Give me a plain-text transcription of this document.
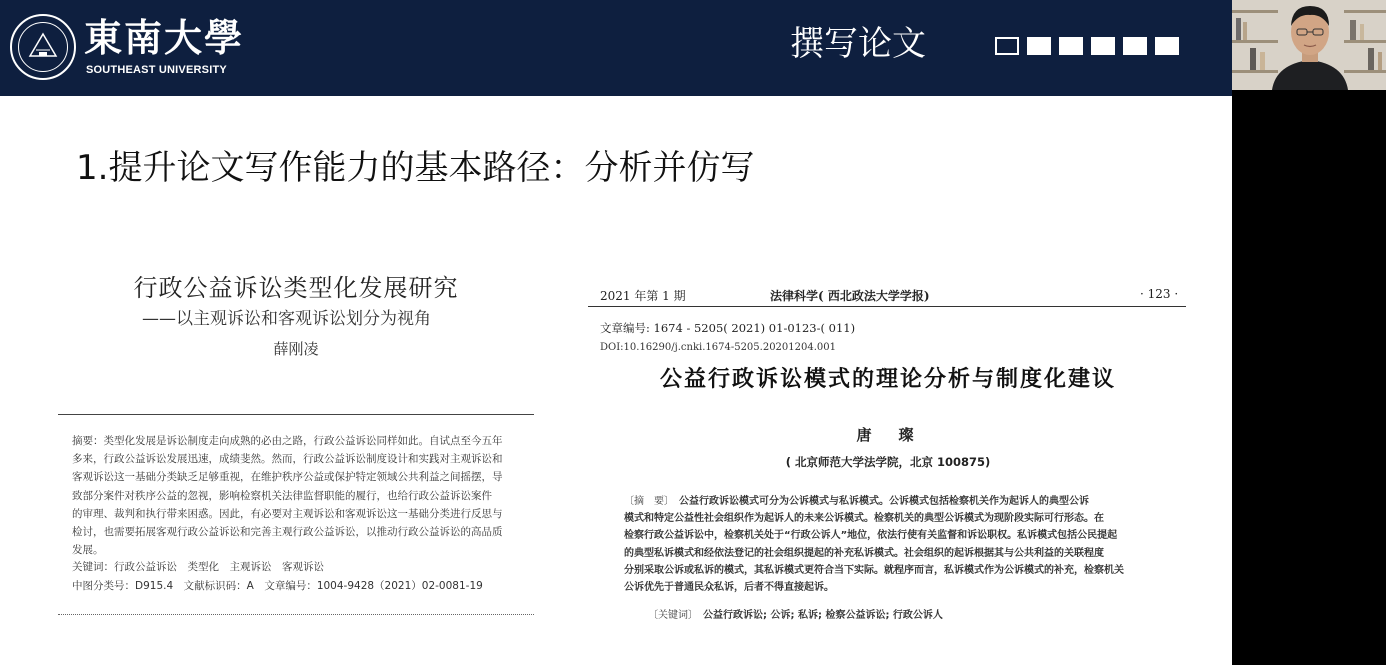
東南大學
SOUTHEAST UNIVERSITY
撰写论文
1.提升论文写作能力的基本路径：分析并仿写
行政公益诉讼类型化发展研究
——以主观诉讼和客观诉讼划分为视角
薛刚凌
摘要：类型化发展是诉讼制度走向成熟的必由之路，行政公益诉讼同样如此。自试点至今五年
多来，行政公益诉讼发展迅速，成绩斐然。然而，行政公益诉讼制度设计和实践对主观诉讼和
客观诉讼这一基础分类缺乏足够重视，在维护秩序公益或保护特定领域公共利益之间摇摆，导
致部分案件对秩序公益的忽视，影响检察机关法律监督职能的履行，也给行政公益诉讼案件
的审理、裁判和执行带来困惑。因此，有必要对主观诉讼和客观诉讼这一基础分类进行反思与
检讨，也需要拓展客观行政公益诉讼和完善主观行政公益诉讼，以推动行政公益诉讼的高品质
发展。
关键词：行政公益诉讼　类型化　主观诉讼　客观诉讼
中图分类号：D915.4　文献标识码：A　文章编号：1004-9428（2021）02-0081-19
2021 年第 1 期	法律科学( 西北政法大学学报)	· 123 ·
文章编号: 1674 - 5205( 2021) 01-0123-( 011)
DOI:10.16290/j.cnki.1674-5205.20201204.001
公益行政诉讼模式的理论分析与制度化建议
唐　璨
( 北京师范大学法学院，北京 100875)
〔摘　要〕　 公益行政诉讼模式可分为公诉模式与私诉模式。公诉模式包括检察机关作为起诉人的典型公诉
模式和特定公益性社会组织作为起诉人的未来公诉模式。检察机关的典型公诉模式为现阶段实际可行形态。在
检察行政公益诉讼中，检察机关处于“行政公诉人”地位，依法行使有关监督和诉讼职权。私诉模式包括公民提起
的典型私诉模式和经依法登记的社会组织提起的补充私诉模式。社会组织的起诉根据其与公共利益的关联程度
分别采取公诉或私诉的模式，其私诉模式更符合当下实际。就程序而言，私诉模式作为公诉模式的补充，检察机关
公诉优先于普通民众私诉，后者不得直接起诉。
〔关键词〕　 公益行政诉讼; 公诉; 私诉; 检察公益诉讼; 行政公诉人
